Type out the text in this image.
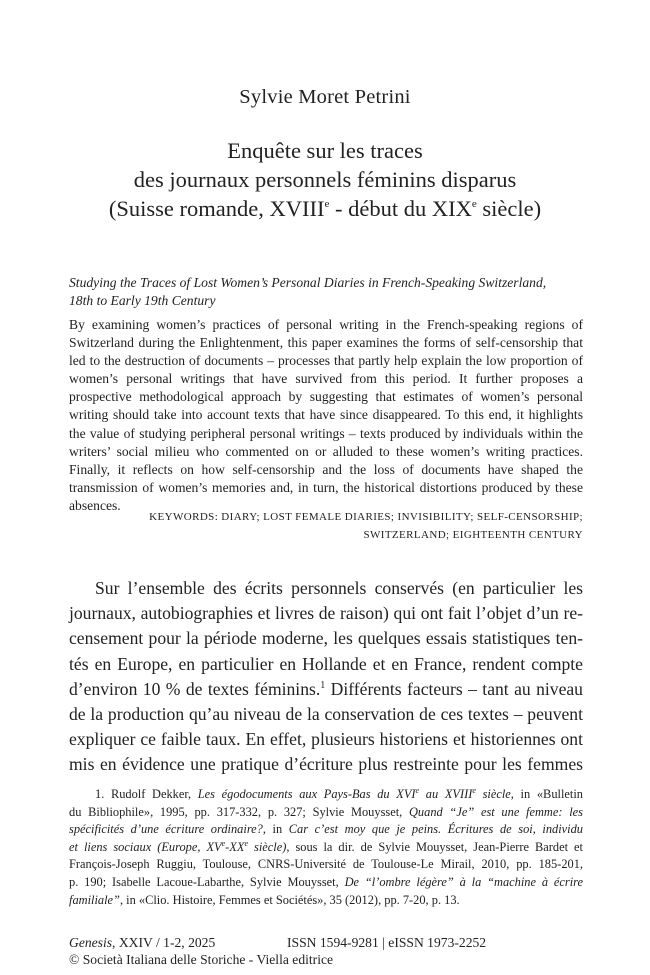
Sylvie Moret Petrini
Enquête sur les traces
des journaux personnels féminins disparus
(Suisse romande, XVIIIe - début du XIXe siècle)
Studying the Traces of Lost Women’s Personal Diaries in French-Speaking Switzerland,
18th to Early 19th Century
By examining women’s practices of personal writing in the French-speaking regions of Switzerland during the Enlightenment, this paper examines the forms of self-censorship that led to the destruction of documents – processes that partly help explain the low proportion of women’s personal writings that have survived from this period. It further proposes a prospective methodological approach by suggesting that estimates of women’s personal writing should take into account texts that have since disappeared. To this end, it highlights the value of studying peripheral personal writings – texts produced by individuals within the writers’ social milieu who commented on or alluded to these women’s writing practices. Finally, it reflects on how self-censorship and the loss of documents have shaped the transmission of women’s memories and, in turn, the historical distortions produced by these absences.
KEYWORDS: DIARY; LOST FEMALE DIARIES; INVISIBILITY; SELF-CENSORSHIP;
SWITZERLAND; EIGHTEENTH CENTURY
Sur l’ensemble des écrits personnels conservés (en particulier les
journaux, autobiographies et livres de raison) qui ont fait l’objet d’un re-
censement pour la période moderne, les quelques essais statistiques ten-
tés en Europe, en particulier en Hollande et en France, rendent compte
d’environ 10 % de textes féminins.$^1$ Différents facteurs – tant au niveau
de la production qu’au niveau de la conservation de ces textes – peuvent
expliquer ce faible taux. En effet, plusieurs historiens et historiennes ont
mis en évidence une pratique d’écriture plus restreinte pour les femmes
1. Rudolf Dekker, Les égodocuments aux Pays-Bas du XVIe au XVIIIe siècle, in «Bulletin
du Bibliophile», 1995, pp. 317-332, p. 327; Sylvie Mouysset, Quand “Je” est une femme: les
spécificités d’une écriture ordinaire?, in Car c’est moy que je peins. Écritures de soi, individu
et liens sociaux (Europe, XVe-XXe siècle), sous la dir. de Sylvie Mouysset, Jean-Pierre Bardet et
François-Joseph Ruggiu, Toulouse, CNRS-Université de Toulouse-Le Mirail, 2010, pp. 185-201,
p. 190; Isabelle Lacoue-Labarthe, Sylvie Mouysset, De “l’ombre légère” à la “machine à écrire
familiale”, in «Clio. Histoire, Femmes et Sociétés», 35 (2012), pp. 7-20, p. 13.
Genesis, XXIV / 1-2, 2025	ISSN 1594-9281 | eISSN 1973-2252
© Società Italiana delle Storiche - Viella editrice
